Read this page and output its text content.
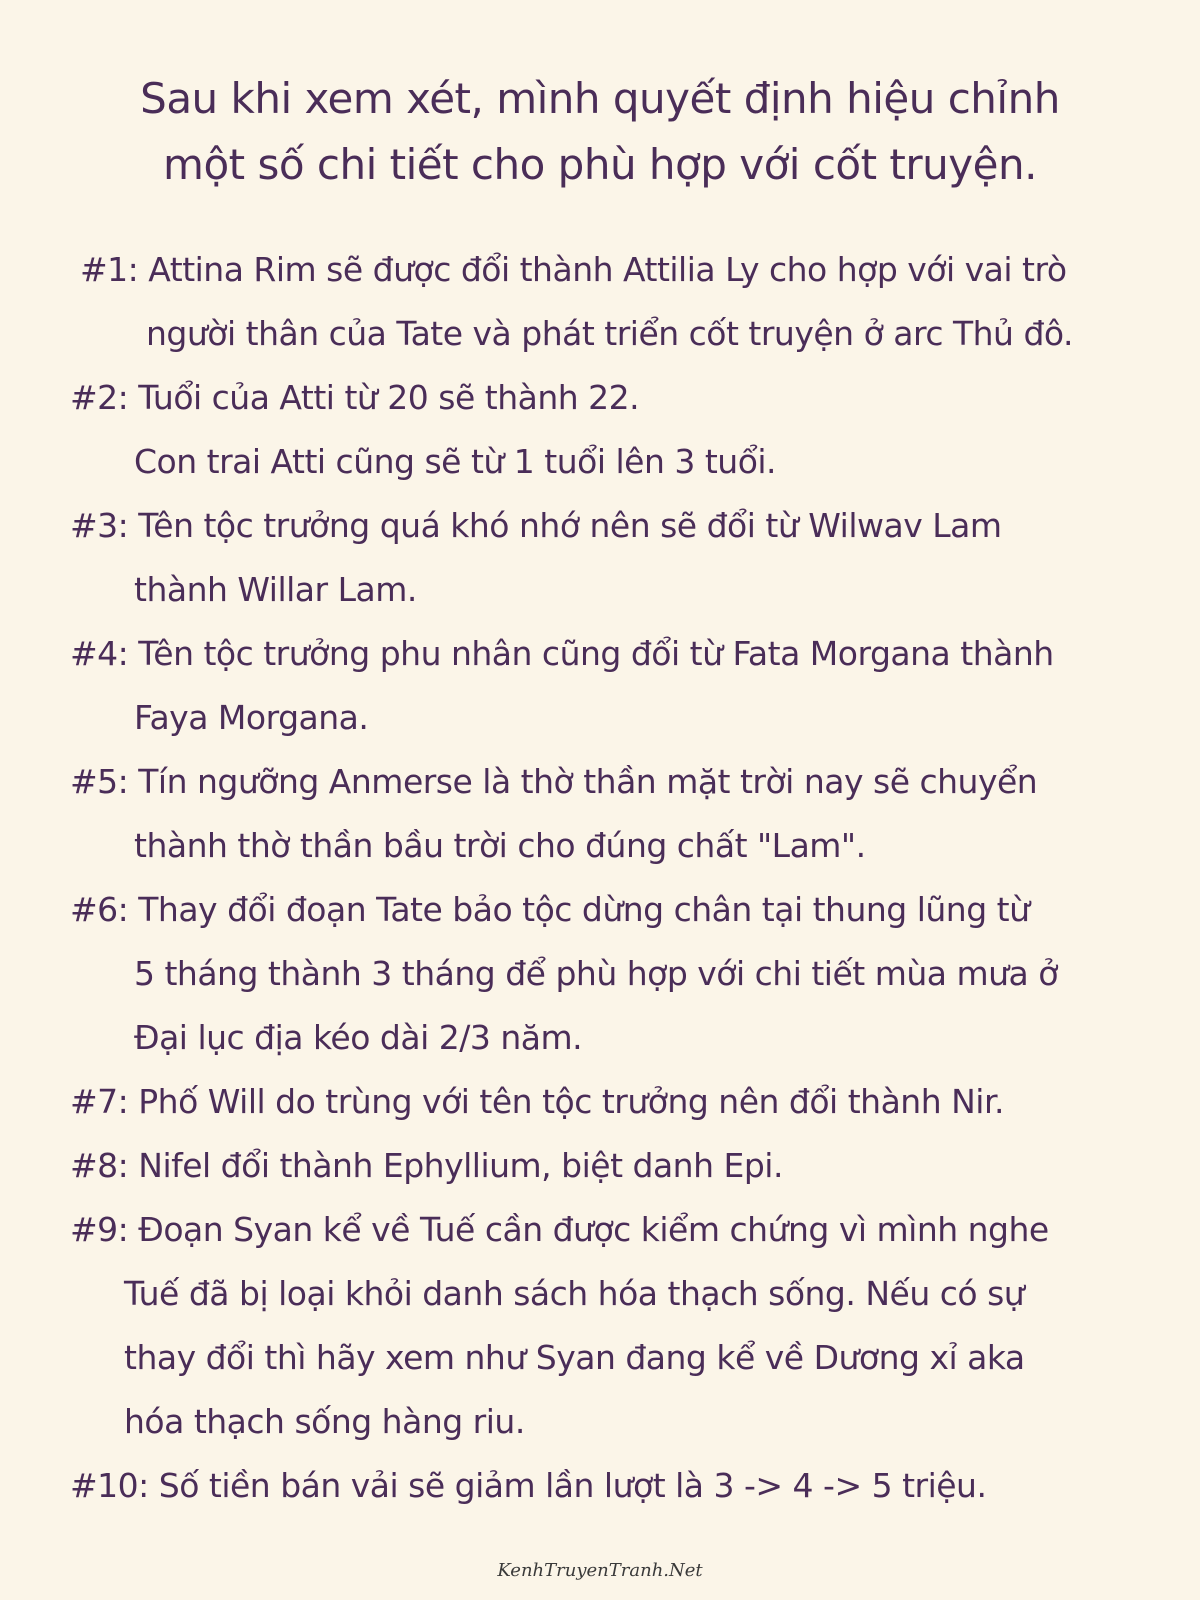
Sau khi xem xét, mình quyết định hiệu chỉnh
một số chi tiết cho phù hợp với cốt truyện.
#1: Attina Rim sẽ được đổi thành Attilia Ly cho hợp với vai trò
người thân của Tate và phát triển cốt truyện ở arc Thủ đô.
#2: Tuổi của Atti từ 20 sẽ thành 22.
Con trai Atti cũng sẽ từ 1 tuổi lên 3 tuổi.
#3: Tên tộc trưởng quá khó nhớ nên sẽ đổi từ Wilwav Lam
thành Willar Lam.
#4: Tên tộc trưởng phu nhân cũng đổi từ Fata Morgana thành
Faya Morgana.
#5: Tín ngưỡng Anmerse là thờ thần mặt trời nay sẽ chuyển
thành thờ thần bầu trời cho đúng chất "Lam".
#6: Thay đổi đoạn Tate bảo tộc dừng chân tại thung lũng từ
5 tháng thành 3 tháng để phù hợp với chi tiết mùa mưa ở
Đại lục địa kéo dài 2/3 năm.
#7: Phố Will do trùng với tên tộc trưởng nên đổi thành Nir.
#8: Nifel đổi thành Ephyllium, biệt danh Epi.
#9: Đoạn Syan kể về Tuế cần được kiểm chứng vì mình nghe
Tuế đã bị loại khỏi danh sách hóa thạch sống. Nếu có sự
thay đổi thì hãy xem như Syan đang kể về Dương xỉ aka
hóa thạch sống hàng riu.
#10: Số tiền bán vải sẽ giảm lần lượt là 3 -> 4 -> 5 triệu.
KenhTruyenTranh.Net
